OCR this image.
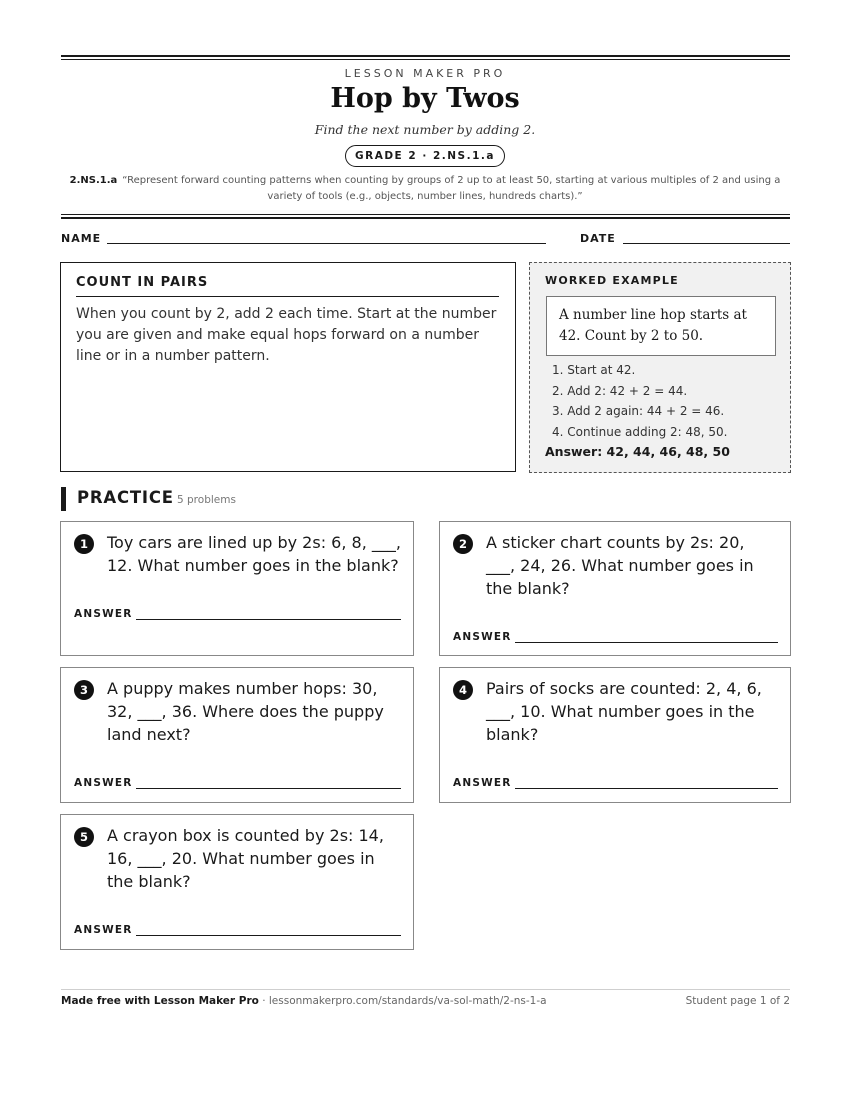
LESSON MAKER PRO
Hop by Twos
Find the next number by adding 2.
GRADE 2 · 2.NS.1.a
2.NS.1.a “Represent forward counting patterns when counting by groups of 2 up to at least 50, starting at various multiples of 2 and using a variety of tools (e.g., objects, number lines, hundreds charts).”
NAME	DATE
COUNT IN PAIRS
When you count by 2, add 2 each time. Start at the number you are given and make equal hops forward on a number line or in a number pattern.
WORKED EXAMPLE
A number line hop starts at 42. Count by 2 to 50.
1. Start at 42.
2. Add 2: 42 + 2 = 44.
3. Add 2 again: 44 + 2 = 46.
4. Continue adding 2: 48, 50.
Answer: 42, 44, 46, 48, 50
PRACTICE 5 problems
1	Toy cars are lined up by 2s: 6, 8, ___, 12. What number goes in the blank?
ANSWER
2	A sticker chart counts by 2s: 20, ___, 24, 26. What number goes in the blank?
ANSWER
3	A puppy makes number hops: 30, 32, ___, 36. Where does the puppy land next?
ANSWER
4	Pairs of socks are counted: 2, 4, 6, ___, 10. What number goes in the blank?
ANSWER
5	A crayon box is counted by 2s: 14, 16, ___, 20. What number goes in the blank?
ANSWER
Made free with Lesson Maker Pro · lessonmakerpro.com/standards/va-sol-math/2-ns-1-a	Student page 1 of 2
